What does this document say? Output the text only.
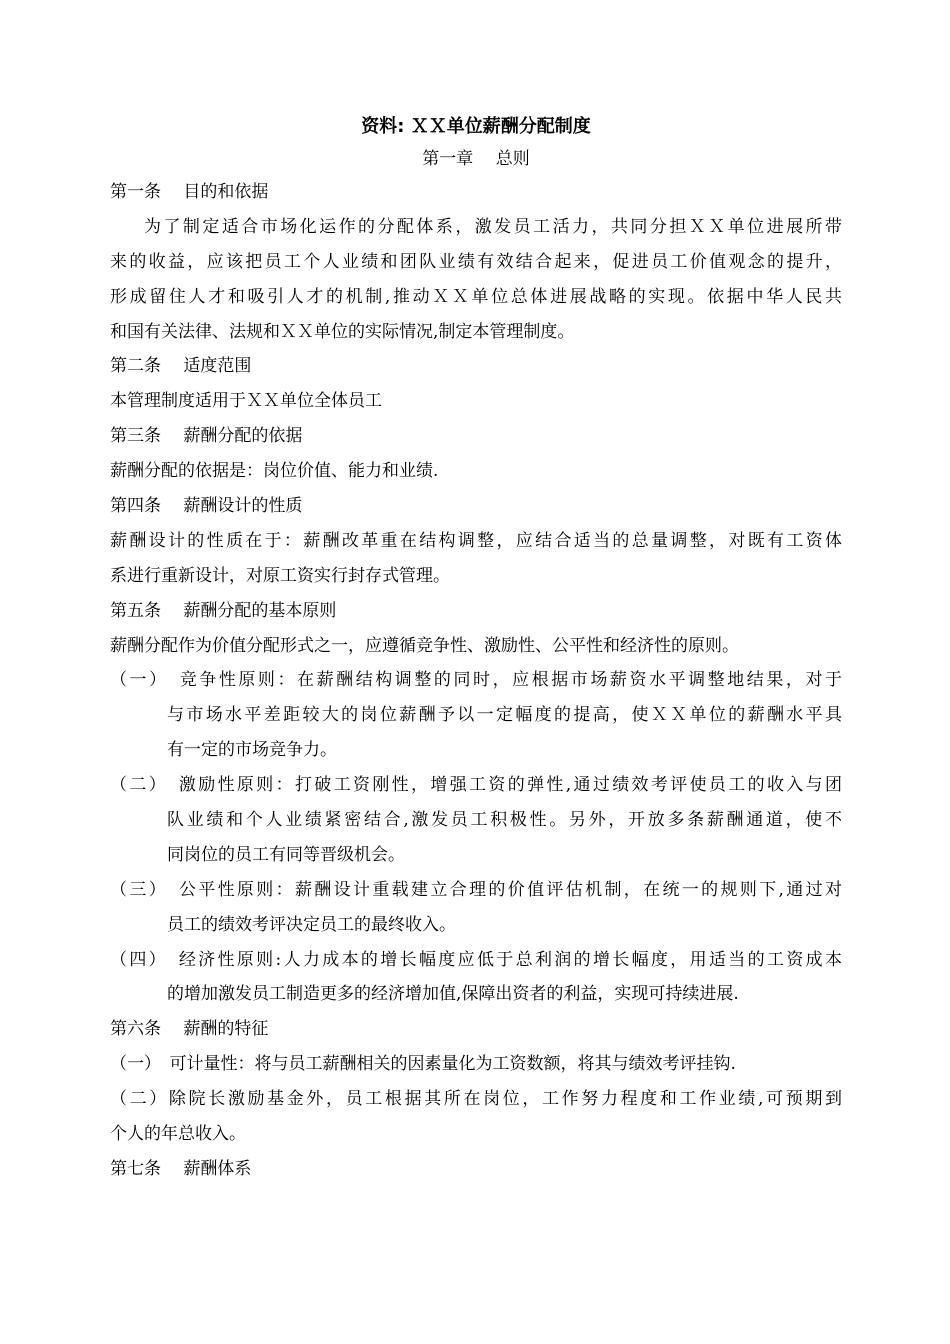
资料: ＸＸ单位薪酬分配制度
第一章　 总则
第一条　 目的和依据
为了制定适合市场化运作的分配体系，激发员工活力，共同分担ＸＸ单位进展所带
来的收益，应该把员工个人业绩和团队业绩有效结合起来，促进员工价值观念的提升，
形成留住人才和吸引人才的机制,推动ＸＸ单位总体进展战略的实现。依据中华人民共
和国有关法律、法规和ＸＸ单位的实际情况,制定本管理制度。
第二条　 适度范围
本管理制度适用于ＸＸ单位全体员工
第三条　 薪酬分配的依据
薪酬分配的依据是：岗位价值、能力和业绩.
第四条　 薪酬设计的性质
薪酬设计的性质在于：薪酬改革重在结构调整，应结合适当的总量调整，对既有工资体
系进行重新设计，对原工资实行封存式管理。
第五条　 薪酬分配的基本原则
薪酬分配作为价值分配形式之一，应遵循竞争性、激励性、公平性和经济性的原则。
（一）　竞争性原则：在薪酬结构调整的同时，应根据市场薪资水平调整地结果，对于
与市场水平差距较大的岗位薪酬予以一定幅度的提高，使ＸＸ单位的薪酬水平具
有一定的市场竞争力。
（二）　激励性原则：打破工资刚性，增强工资的弹性,通过绩效考评使员工的收入与团
队业绩和个人业绩紧密结合,激发员工积极性。另外，开放多条薪酬通道，使不
同岗位的员工有同等晋级机会。
（三）　公平性原则：薪酬设计重载建立合理的价值评估机制，在统一的规则下,通过对
员工的绩效考评决定员工的最终收入。
（四）　经济性原则:人力成本的增长幅度应低于总利润的增长幅度，用适当的工资成本
的增加激发员工制造更多的经济增加值,保障出资者的利益，实现可持续进展.
第六条　 薪酬的特征
（一）　可计量性：将与员工薪酬相关的因素量化为工资数额，将其与绩效考评挂钩.
（二）除院长激励基金外，员工根据其所在岗位，工作努力程度和工作业绩,可预期到
个人的年总收入。
第七条　 薪酬体系
